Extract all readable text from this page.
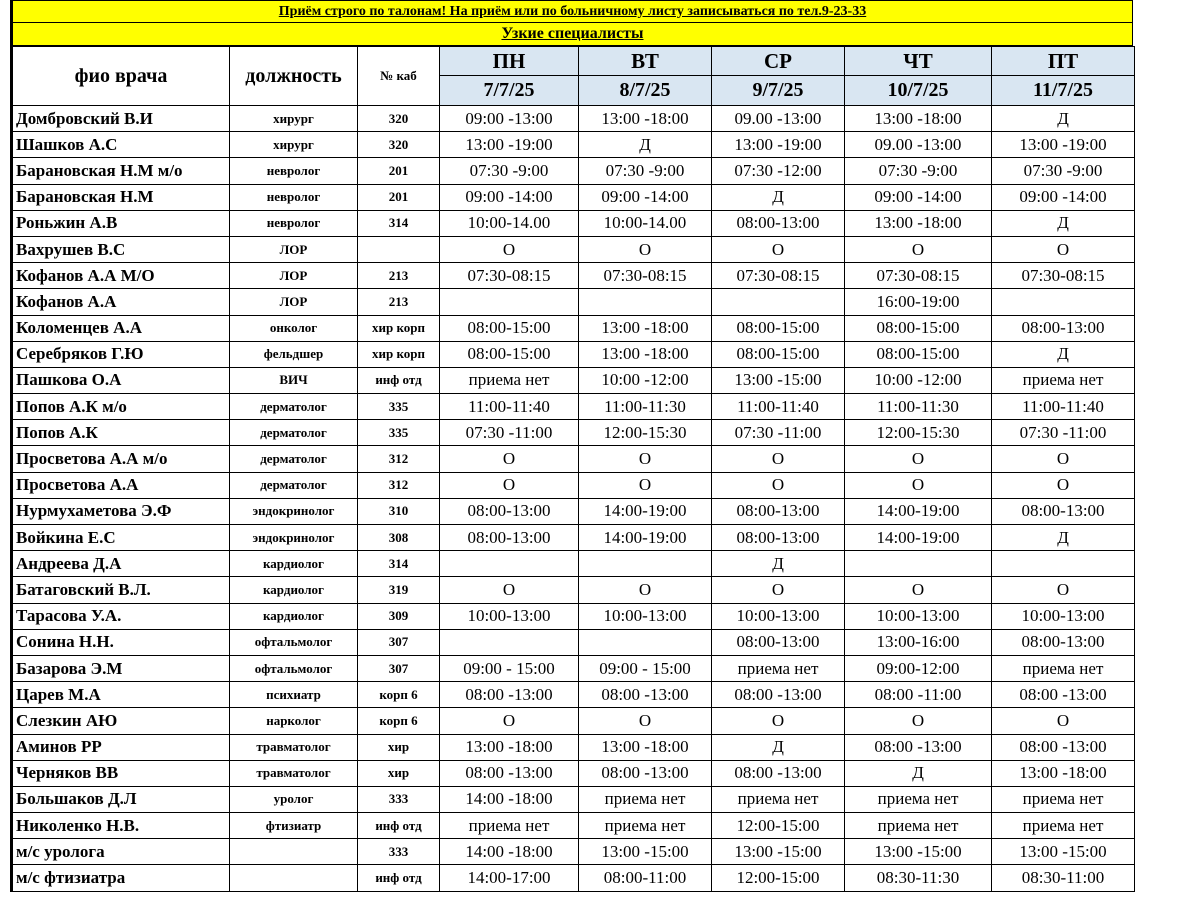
Приём строго по талонам! На приём или по больничному листу записываться по тел. 9-23-33
Узкие специалисты
фио врача	должность	№ каб	ПН	ВТ	СР	ЧТ	ПТ
			7/7/25	8/7/25	9/7/25	10/7/25	11/7/25
Домбровский В.И	хирург	320	09:00 -13:00	13:00 -18:00	09.00 -13:00	13:00 -18:00	Д
Шашков А.С	хирург	320	13:00 -19:00	Д	13:00 -19:00	09.00 -13:00	13:00 -19:00
Барановская Н.М м/о	невролог	201	07:30 -9:00	07:30 -9:00	07:30 -12:00	07:30 -9:00	07:30 -9:00
Барановская Н.М	невролог	201	09:00 -14:00	09:00 -14:00	Д	09:00 -14:00	09:00 -14:00
Роньжин А.В	невролог	314	10:00-14.00	10:00-14.00	08:00-13:00	13:00 -18:00	Д
Вахрушев В.С	ЛОР		О	О	О	О	О
Кофанов А.А М/О	ЛОР	213	07:30-08:15	07:30-08:15	07:30-08:15	07:30-08:15	07:30-08:15
Кофанов А.А	ЛОР	213				16:00-19:00	
Коломенцев А.А	онколог	хир корп	08:00-15:00	13:00 -18:00	08:00-15:00	08:00-15:00	08:00-13:00
Серебряков Г.Ю	фельдшер	хир корп	08:00-15:00	13:00 -18:00	08:00-15:00	08:00-15:00	Д
Пашкова О.А	ВИЧ	инф отд	приема нет	10:00 -12:00	13:00 -15:00	10:00 -12:00	приема нет
Попов А.К м/о	дерматолог	335	11:00-11:40	11:00-11:30	11:00-11:40	11:00-11:30	11:00-11:40
Попов А.К	дерматолог	335	07:30 -11:00	12:00-15:30	07:30 -11:00	12:00-15:30	07:30 -11:00
Просветова А.А м/о	дерматолог	312	О	О	О	О	О
Просветова А.А	дерматолог	312	О	О	О	О	О
Нурмухаметова Э.Ф	эндокринолог	310	08:00-13:00	14:00-19:00	08:00-13:00	14:00-19:00	08:00-13:00
Войкина Е.С	эндокринолог	308	08:00-13:00	14:00-19:00	08:00-13:00	14:00-19:00	Д
Андреева Д.А	кардиолог	314			Д		
Батаговский В.Л.	кардиолог	319	О	О	О	О	О
Тарасова У.А.	кардиолог	309	10:00-13:00	10:00-13:00	10:00-13:00	10:00-13:00	10:00-13:00
Сонина Н.Н.	офтальмолог	307			08:00-13:00	13:00-16:00	08:00-13:00
Базарова Э.М	офтальмолог	307	09:00 - 15:00	09:00 - 15:00	приема нет	09:00-12:00	приема нет
Царев М.А	психиатр	корп 6	08:00 -13:00	08:00 -13:00	08:00 -13:00	08:00 -11:00	08:00 -13:00
Слезкин АЮ	нарколог	корп 6	О	О	О	О	О
Аминов РР	травматолог	хир	13:00 -18:00	13:00 -18:00	Д	08:00 -13:00	08:00 -13:00
Черняков ВВ	травматолог	хир	08:00 -13:00	08:00 -13:00	08:00 -13:00	Д	13:00 -18:00
Большаков Д.Л	уролог	333	14:00 -18:00	приема нет	приема нет	приема нет	приема нет
Николенко Н.В.	фтизиатр	инф отд	приема нет	приема нет	12:00-15:00	приема нет	приема нет
м/с уролога		333	14:00 -18:00	13:00 -15:00	13:00 -15:00	13:00 -15:00	13:00 -15:00
м/с фтизиатра		инф отд	14:00-17:00	08:00-11:00	12:00-15:00	08:30-11:30	08:30-11:00
